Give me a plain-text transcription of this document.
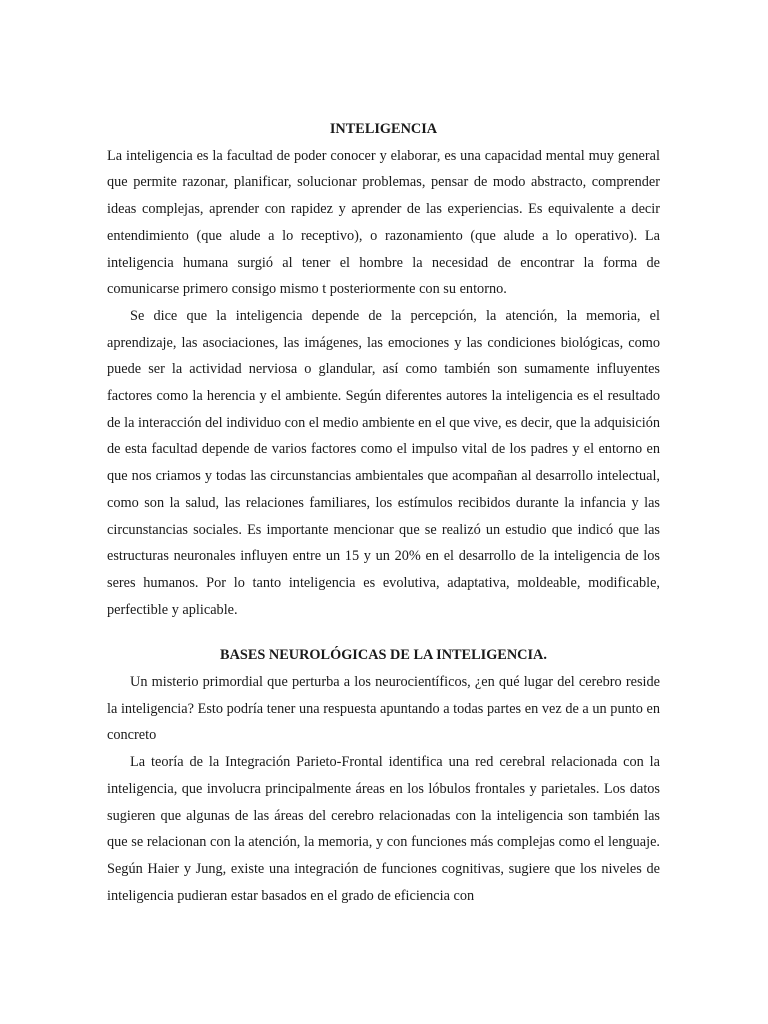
INTELIGENCIA

La inteligencia es la facultad de poder conocer y elaborar, es una capacidad mental muy general que permite razonar, planificar, solucionar problemas, pensar de modo abstracto, comprender ideas complejas, aprender con rapidez y aprender de las experiencias. Es equivalente a decir entendimiento (que alude a lo receptivo), o razonamiento (que alude a lo operativo). La inteligencia humana surgió al tener el hombre la necesidad de encontrar la forma de comunicarse primero consigo mismo t posteriormente con su entorno.

Se dice que la inteligencia depende de la percepción, la atención, la memoria, el aprendizaje, las asociaciones, las imágenes, las emociones y las condiciones biológicas, como puede ser la actividad nerviosa o glandular, así como también son sumamente influyentes factores como la herencia y el ambiente. Según diferentes autores la inteligencia es el resultado de la interacción del individuo con el medio ambiente en el que vive, es decir, que la adquisición de esta facultad depende de varios factores como el impulso vital de los padres y el entorno en que nos criamos y todas las circunstancias ambientales que acompañan al desarrollo intelectual, como son la salud, las relaciones familiares, los estímulos recibidos durante la infancia y las circunstancias sociales. Es importante mencionar que se realizó un estudio que indicó que las estructuras neuronales influyen entre un 15 y un 20% en el desarrollo de la inteligencia de los seres humanos. Por lo tanto inteligencia es evolutiva, adaptativa, moldeable, modificable, perfectible y aplicable.

BASES NEUROLÓGICAS DE LA INTELIGENCIA.

Un misterio primordial que perturba a los neurocientíficos, ¿en qué lugar del cerebro reside la inteligencia? Esto podría tener una respuesta apuntando a todas partes en vez de a un punto en concreto

La teoría de la Integración Parieto-Frontal identifica una red cerebral relacionada con la inteligencia, que involucra principalmente áreas en los lóbulos frontales y parietales. Los datos sugieren que algunas de las áreas del cerebro relacionadas con la inteligencia son también las que se relacionan con la atención, la memoria, y con funciones más complejas como el lenguaje. Según Haier y Jung, existe una integración de funciones cognitivas, sugiere que los niveles de inteligencia pudieran estar basados en el grado de eficiencia con
